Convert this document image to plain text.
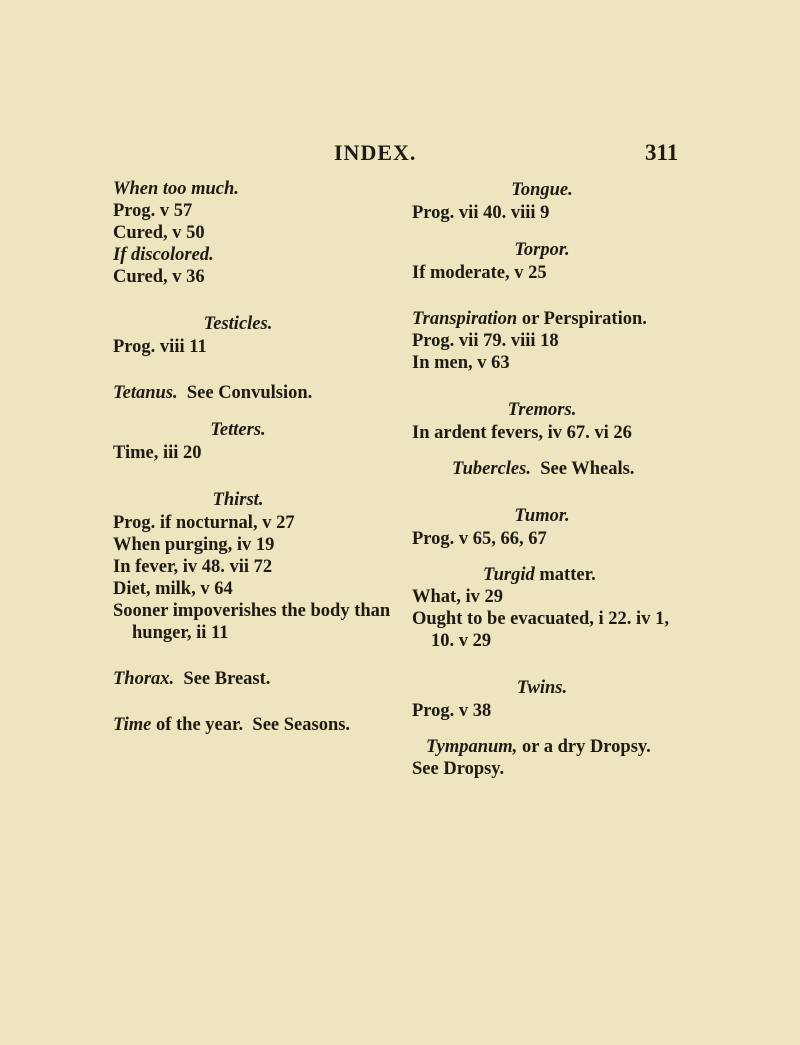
INDEX.	311
When too much.
Prog. v 57
Cured, v 50
If discolored.
Cured, v 36
Testicles.
Prog. viii 11
Tetanus. See Convulsion.
Tetters.
Time, iii 20
Thirst.
Prog. if nocturnal, v 27
When purging, iv 19
In fever, iv 48. vii 72
Diet, milk, v 64
Sooner impoverishes the body than
hunger, ii 11
Thorax. See Breast.
Time of the year. See Seasons.
Tongue.
Prog. vii 40. viii 9
Torpor.
If moderate, v 25
Transpiration or Perspiration.
Prog. vii 79. viii 18
In men, v 63
Tremors.
In ardent fevers, iv 67. vi 26
Tubercles. See Wheals.
Tumor.
Prog. v 65, 66, 67
Turgid matter.
What, iv 29
Ought to be evacuated, i 22. iv 1,
10. v 29
Twins.
Prog. v 38
Tympanum, or a dry Dropsy.
See Dropsy.
